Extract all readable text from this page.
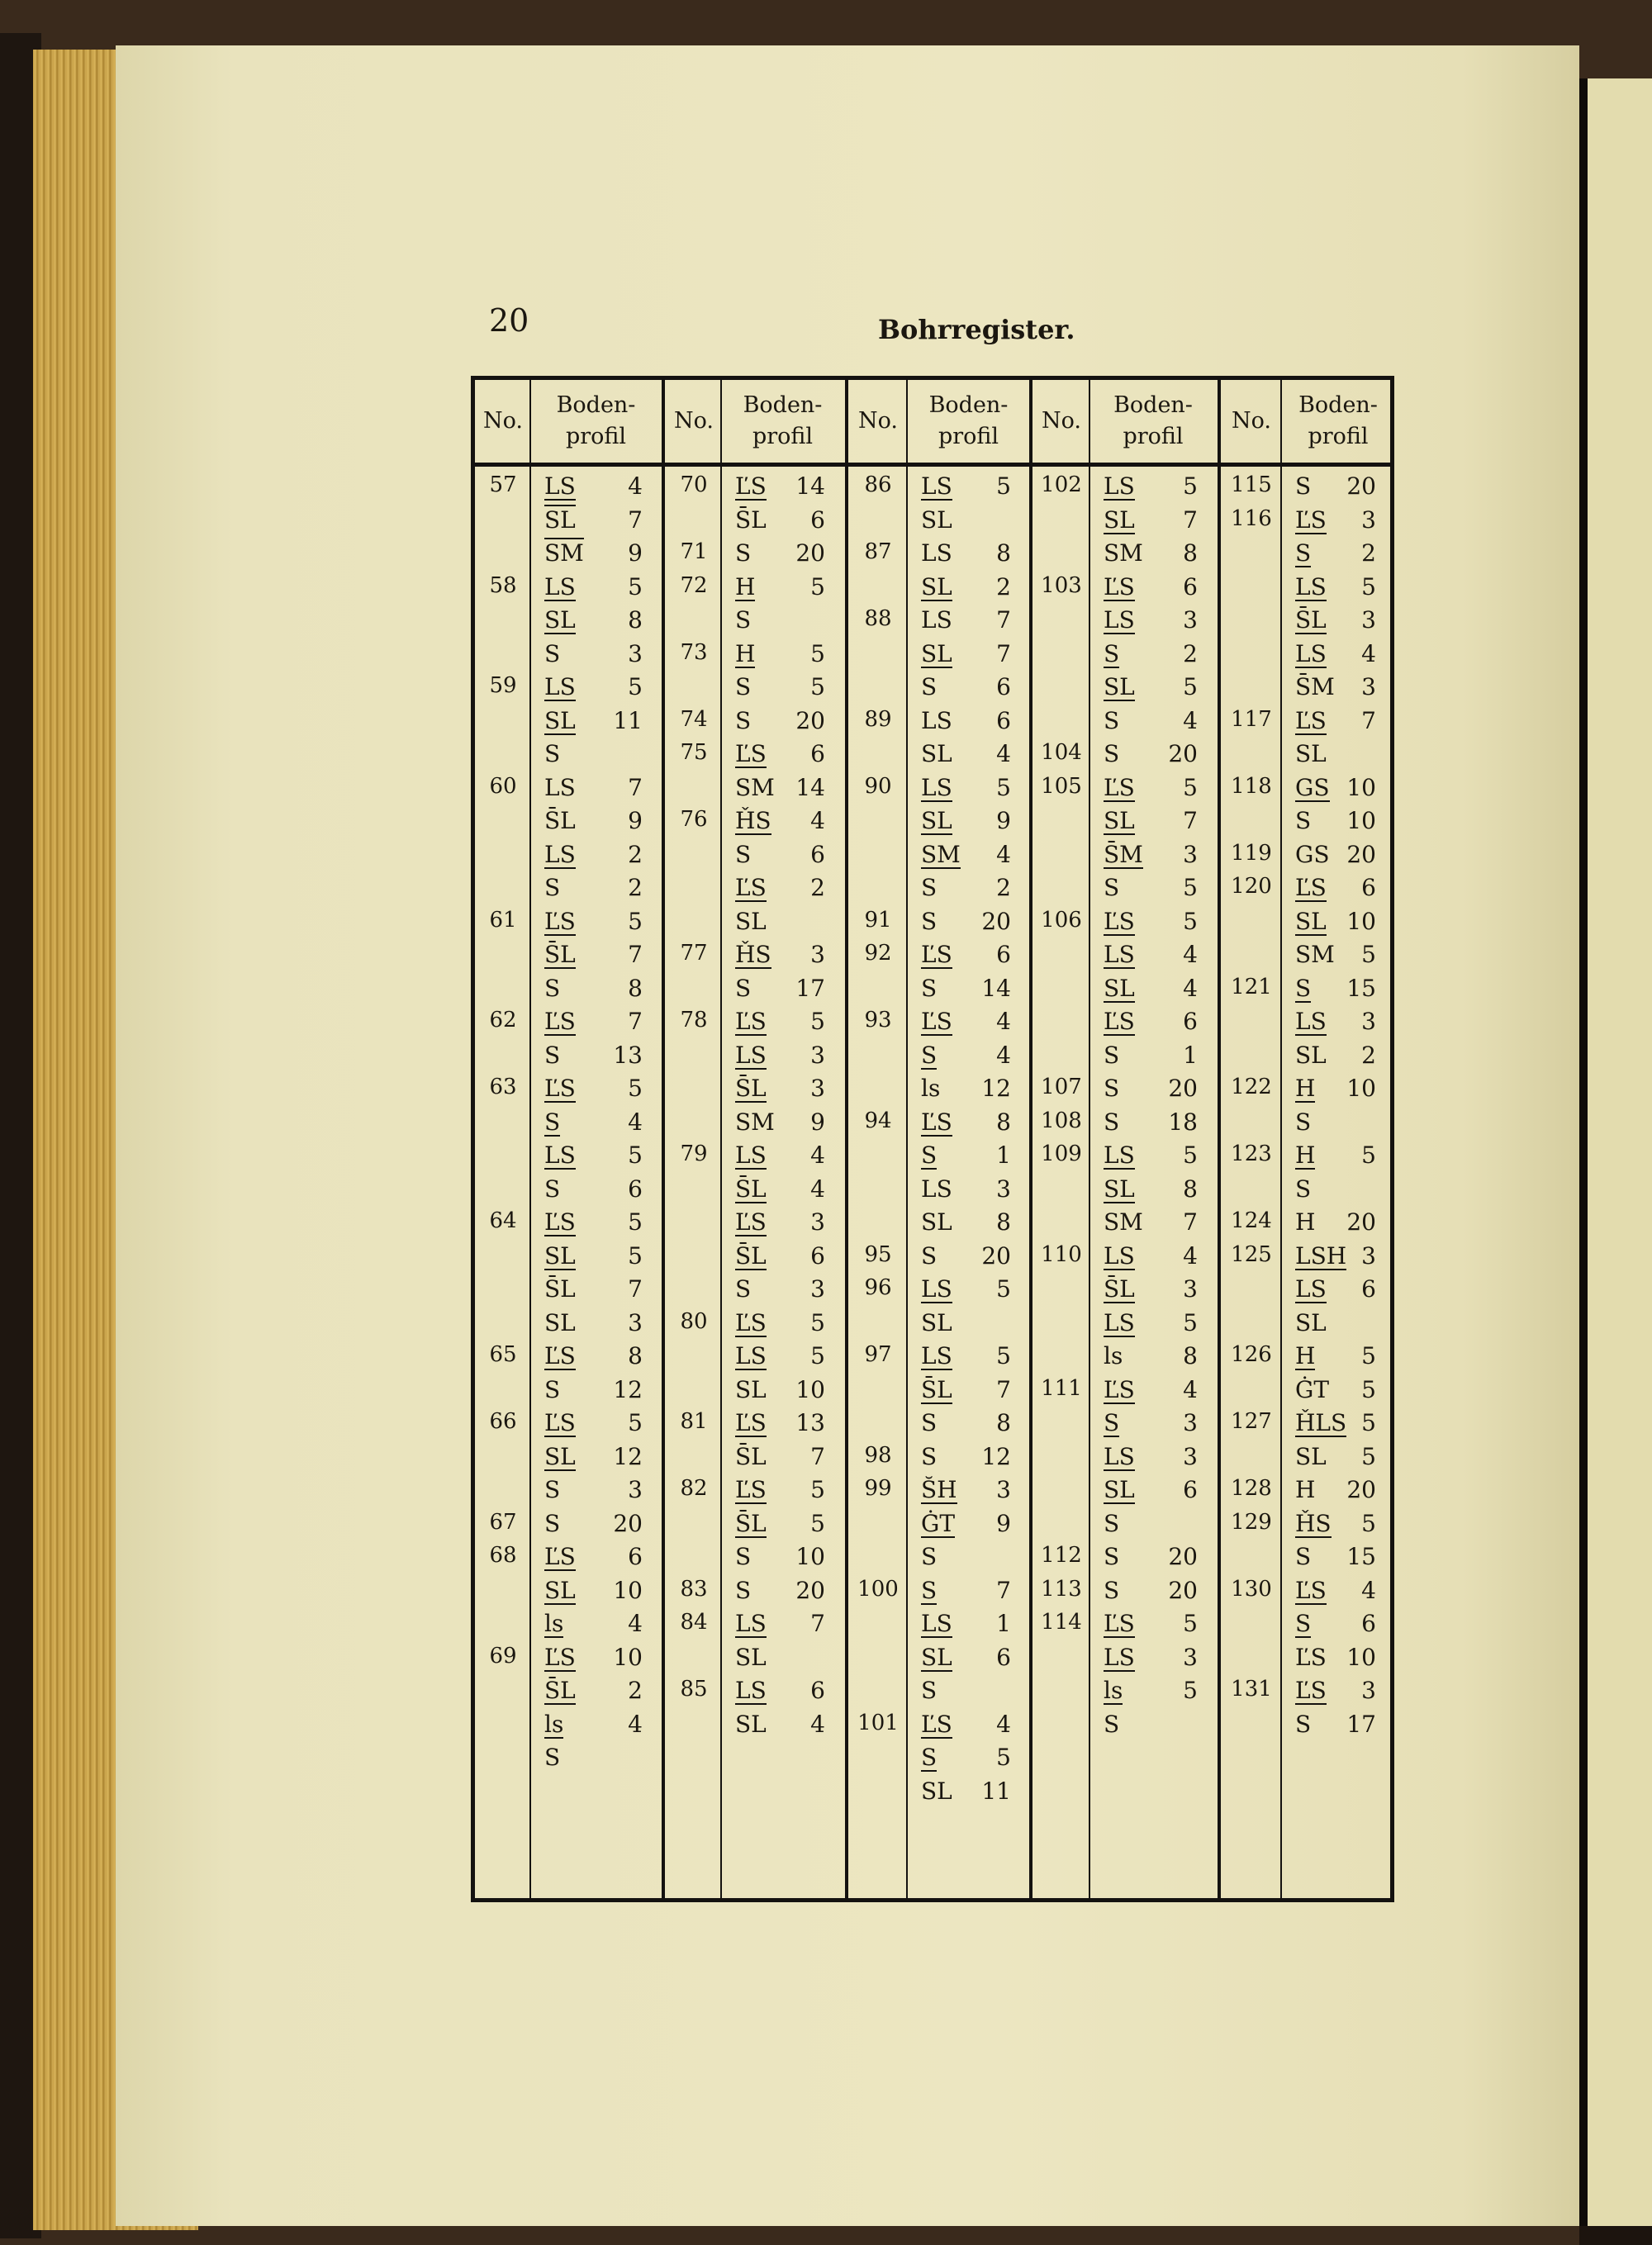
20	Bohrregister.
No.
Boden-
profil
57	LS 4
SL 7
SM 9
58	LS 5
SL 8
S	3
59	LS 5
SL 11
S
60	LS 7
S̄L 9
LS 2
S	2
61	ĽS 5
S̄L 7
S	8
62	ĽS 7
S 13
63	ĽS 5
S	4
LS 5
S	6
64	ĽS 5
SL 5
S̄L 7
SL 3
65	ĽS 8
S 12
66	ĽS 5
SL 12
S	3
67	S 20
68	ĽS 6
SL 10
ls	4
69	ĽS 10
S̄L 2
ls	4
S
No.
Boden-
profil
70	ĽS 14
S̄L 6
71	S 20
72	H 5
S
73	H 5
S	5
74	S 20
75	ĽS 6
SM 14
76	ȞS 4
S	6
ĽS 2
SL
77	ȞS 3
S 17
78	ĽS 5
LS 3
S̄L 3
SM 9
79	LS 4
S̄L 4
ĽS 3
S̄L 6
S	3
80	ĽS 5
LS 5
SL 10
81	ĽS 13
S̄L 7
82	ĽS 5
S̄L 5
S 10
83	S 20
84	LS 7
SL
85	LS 6
SL 4
No.
Boden-
profil
86	LS 5
SL
87	LS 8
SL 2
88	LS 7
SL 7
S	6
89	LS 6
SL 4
90	LS 5
SL 9
SM 4
S	2
91	S 20
92	ĽS 6
S 14
93	ĽS 4
S	4
ls 12
94	ĽS 8
S	1
LS 3
SL 8
95	S 20
96	LS 5
SL
97	LS 5
S̄L 7
S	8
98	S 12
99	S̆H 3
ĠT 9
S
100 S	7
LS 1
SL 6
S
101 ĽS 4
S	5
SL 11
No.
Boden-
profil
102 LS 5
SL 7
SM 8
103 ĽS 6
LS 3
S	2
SL 5
S	4
104 S 20
105 ĽS 5
SL 7
S̄M 3
S	5
106 ĽS 5
LS 4
SL 4
ĽS 6
S	1
107 S 20
108 S 18
109 LS 5
SL 8
SM 7
110 LS 4
S̄L 3
LS 5
ls	8
111 ĽS 4
S	3
LS 3
SL 6
S
112 S 20
113 S 20
114 ĽS 5
LS 3
ls	5
S
No.
Boden-
profil
115	S 20
116	ĽS 3
S 2
LS 5
S̄L 3
LS 4
S̄M 3
117	ĽS 7
SL
118	GS 10
S 10
119	GS 20
120	ĽS 6
SL 10
SM 5
121	S 15
LS 3
SL 2
122	H 10
S
123	H 5
S
124	H 20
125	LSH 3
LS 6
SL
126	H 5
ĠT 5
127	ȞLS 5
SL 5
128	H 20
129	ȞS 5
S 15
130	ĽS 4
S 6
ĽS 10
131	ĽS 3
S 17
